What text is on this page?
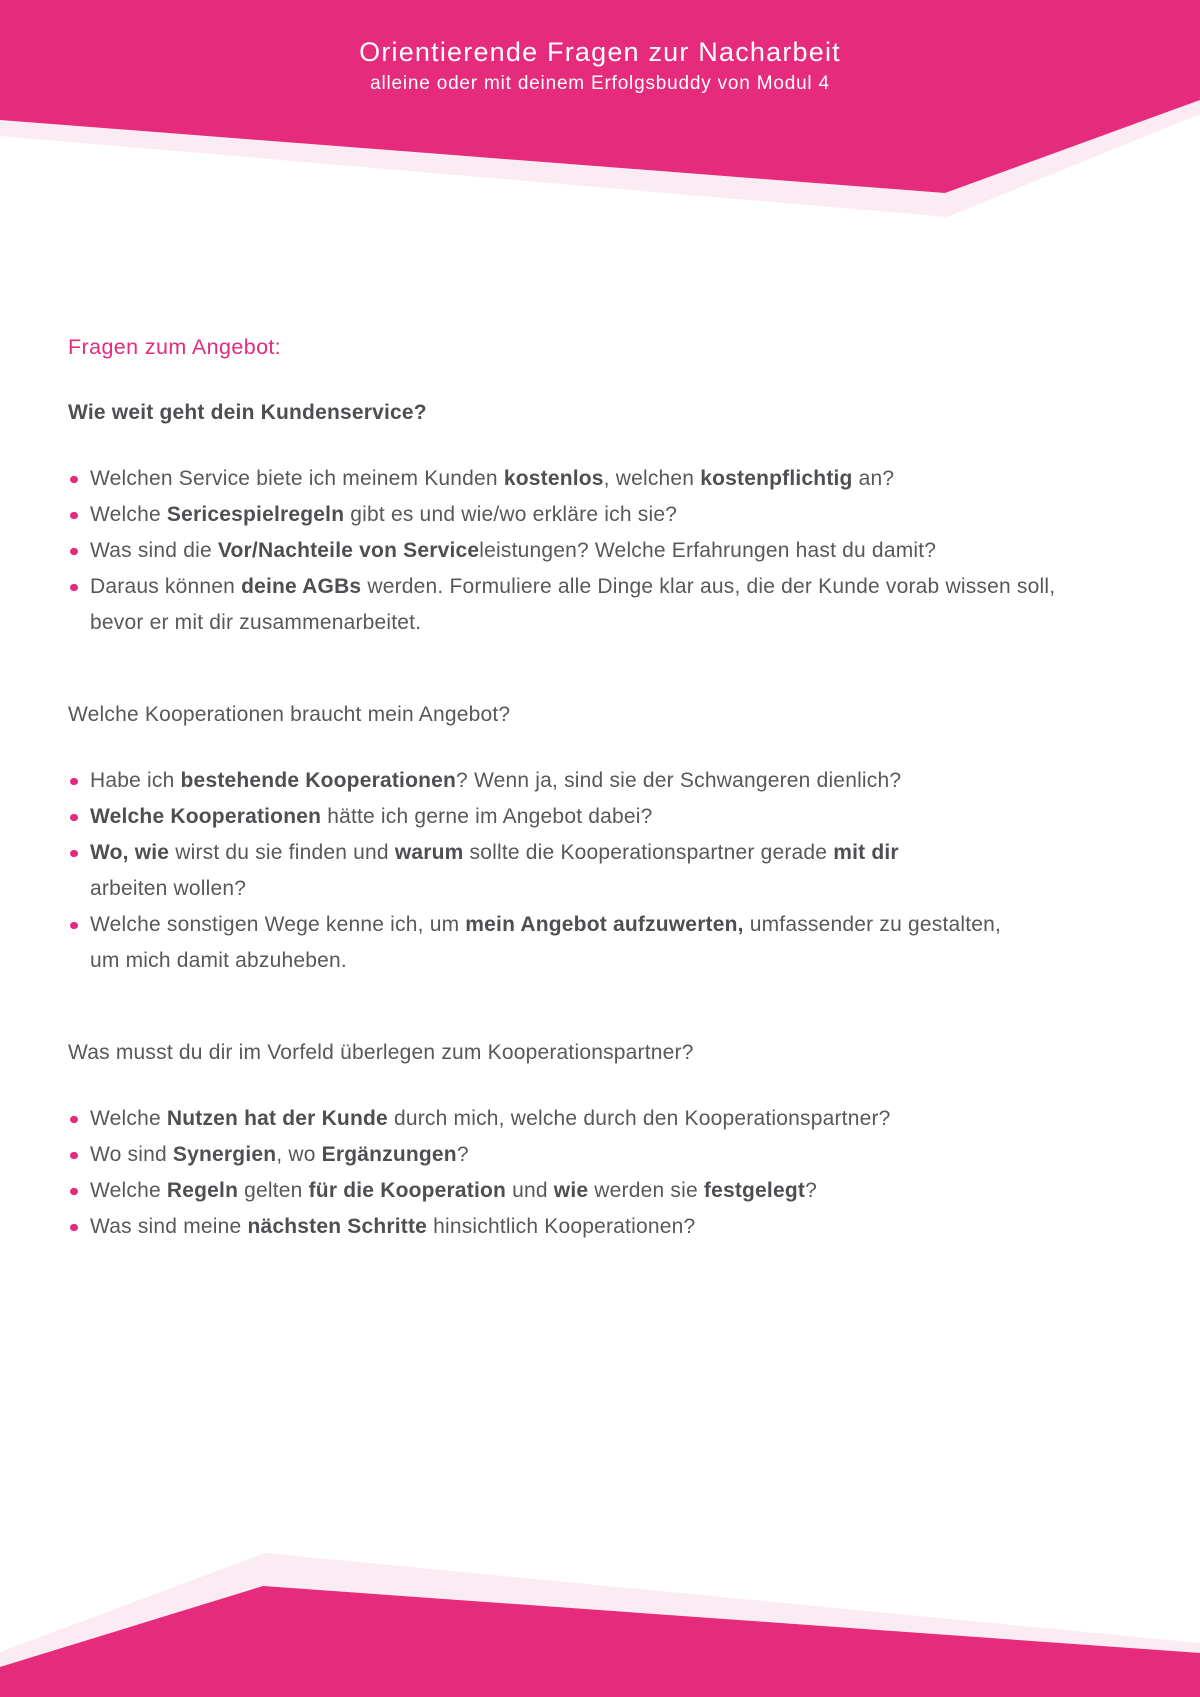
Orientierende Fragen zur Nacharbeit
alleine oder mit deinem Erfolgsbuddy von Modul 4
Fragen zum Angebot:
Wie weit geht dein Kundenservice?
Welchen Service biete ich meinem Kunden kostenlos, welchen kostenpflichtig an?
Welche Sericespielregeln gibt es und wie/wo erkläre ich sie?
Was sind die Vor/Nachteile von Serviceleistungen? Welche Erfahrungen hast du damit?
Daraus können deine AGBs werden. Formuliere alle Dinge klar aus, die der Kunde vorab wissen soll,
bevor er mit dir zusammenarbeitet.
Welche Kooperationen braucht mein Angebot?
Habe ich bestehende Kooperationen? Wenn ja, sind sie der Schwangeren dienlich?
Welche Kooperationen hätte ich gerne im Angebot dabei?
Wo, wie wirst du sie finden und warum sollte die Kooperationspartner gerade mit dir
arbeiten wollen?
Welche sonstigen Wege kenne ich, um mein Angebot aufzuwerten, umfassender zu gestalten,
um mich damit abzuheben.
Was musst du dir im Vorfeld überlegen zum Kooperationspartner?
Welche Nutzen hat der Kunde durch mich, welche durch den Kooperationspartner?
Wo sind Synergien, wo Ergänzungen?
Welche Regeln gelten für die Kooperation und wie werden sie festgelegt?
Was sind meine nächsten Schritte hinsichtlich Kooperationen?
